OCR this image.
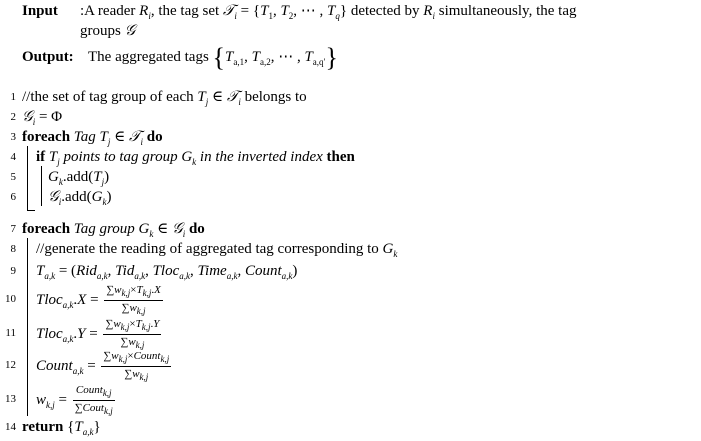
Input :A reader $R_i$, the tag set 𝒯$_i$ = {$T_1$, $T_2$, ⋯ , $T_q$} detected by $R_i$ simultaneously, the tag
groups 𝒢
Output: The aggregated tags {$T_{a,1}$, $T_{a,2}$, ⋯ , $T_{a,q'}$}
1 //the set of tag group of each $T_j$ ∈ 𝒯$_i$ belongs to
2 𝒢$_i$ = Φ
3 foreach Tag $T_j$ ∈ 𝒯$_i$ do
4 if $T_j$ points to tag group $G_k$ in the inverted index then
5 $G_k.add(T_j)$
6 $𝒢_i.add(G_k)$
7 foreach Tag group $G_k$ ∈ 𝒢$_i$ do
8 //generate the reading of aggregated tag corresponding to $G_k$
9 $T_{a,k} = (Rid_{a,k}$, Tid$_{a,k}$, Tloc$_{a,k}$, Time$_{a,k}$, Count$_{a,k}$)
10 Tloc$_{a,k}$.X = $\frac{\sum w_{k,j}\times T_{k,j}.X}{\sum w_{k,j}}$
11 Tloc$_{a,k}$.Y = $\frac{\sum w_{k,j}\times T_{k,j}.Y}{\sum w_{k,j}}$
12 Count$_{a,k}$ = $\frac{\sum w_{k,j}\times Count_{k,j}}{\sum w_{k,j}}$
13 $w_{k,j} = \frac{Count_{k,j}}{\sum Cout_{k,j}}$
14 return $\{T_{a,k}\}$
